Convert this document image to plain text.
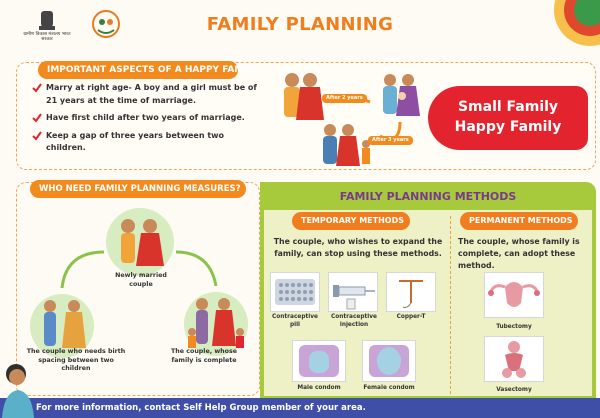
ग्रामीण विकास मंत्रालय भारत सरकार
FAMILY PLANNING
IMPORTANT ASPECTS OF A HAPPY FAMILY
Marry at right age- A boy and a girl must be of 21 years at the time of marriage.
Have first child after two years of marriage.
Keep a gap of three years between two children.
After 2 years
After 3 years
Small Family
Happy Family
WHO NEED FAMILY PLANNING MEASURES?
Newly married couple
The couple who needs birth spacing between two children
The couple, whose family is complete
FAMILY PLANNING METHODS
TEMPORARY METHODS	PERMANENT METHODS
The couple, who wishes to expand the family, can stop using these methods.
The couple, whose family is complete, can adopt these method.
Contraceptive pill
Contraceptive injection
Copper-T
Male condom	Female condom
Tubectomy
Vasectomy
For more information, contact Self Help Group member of your area.
